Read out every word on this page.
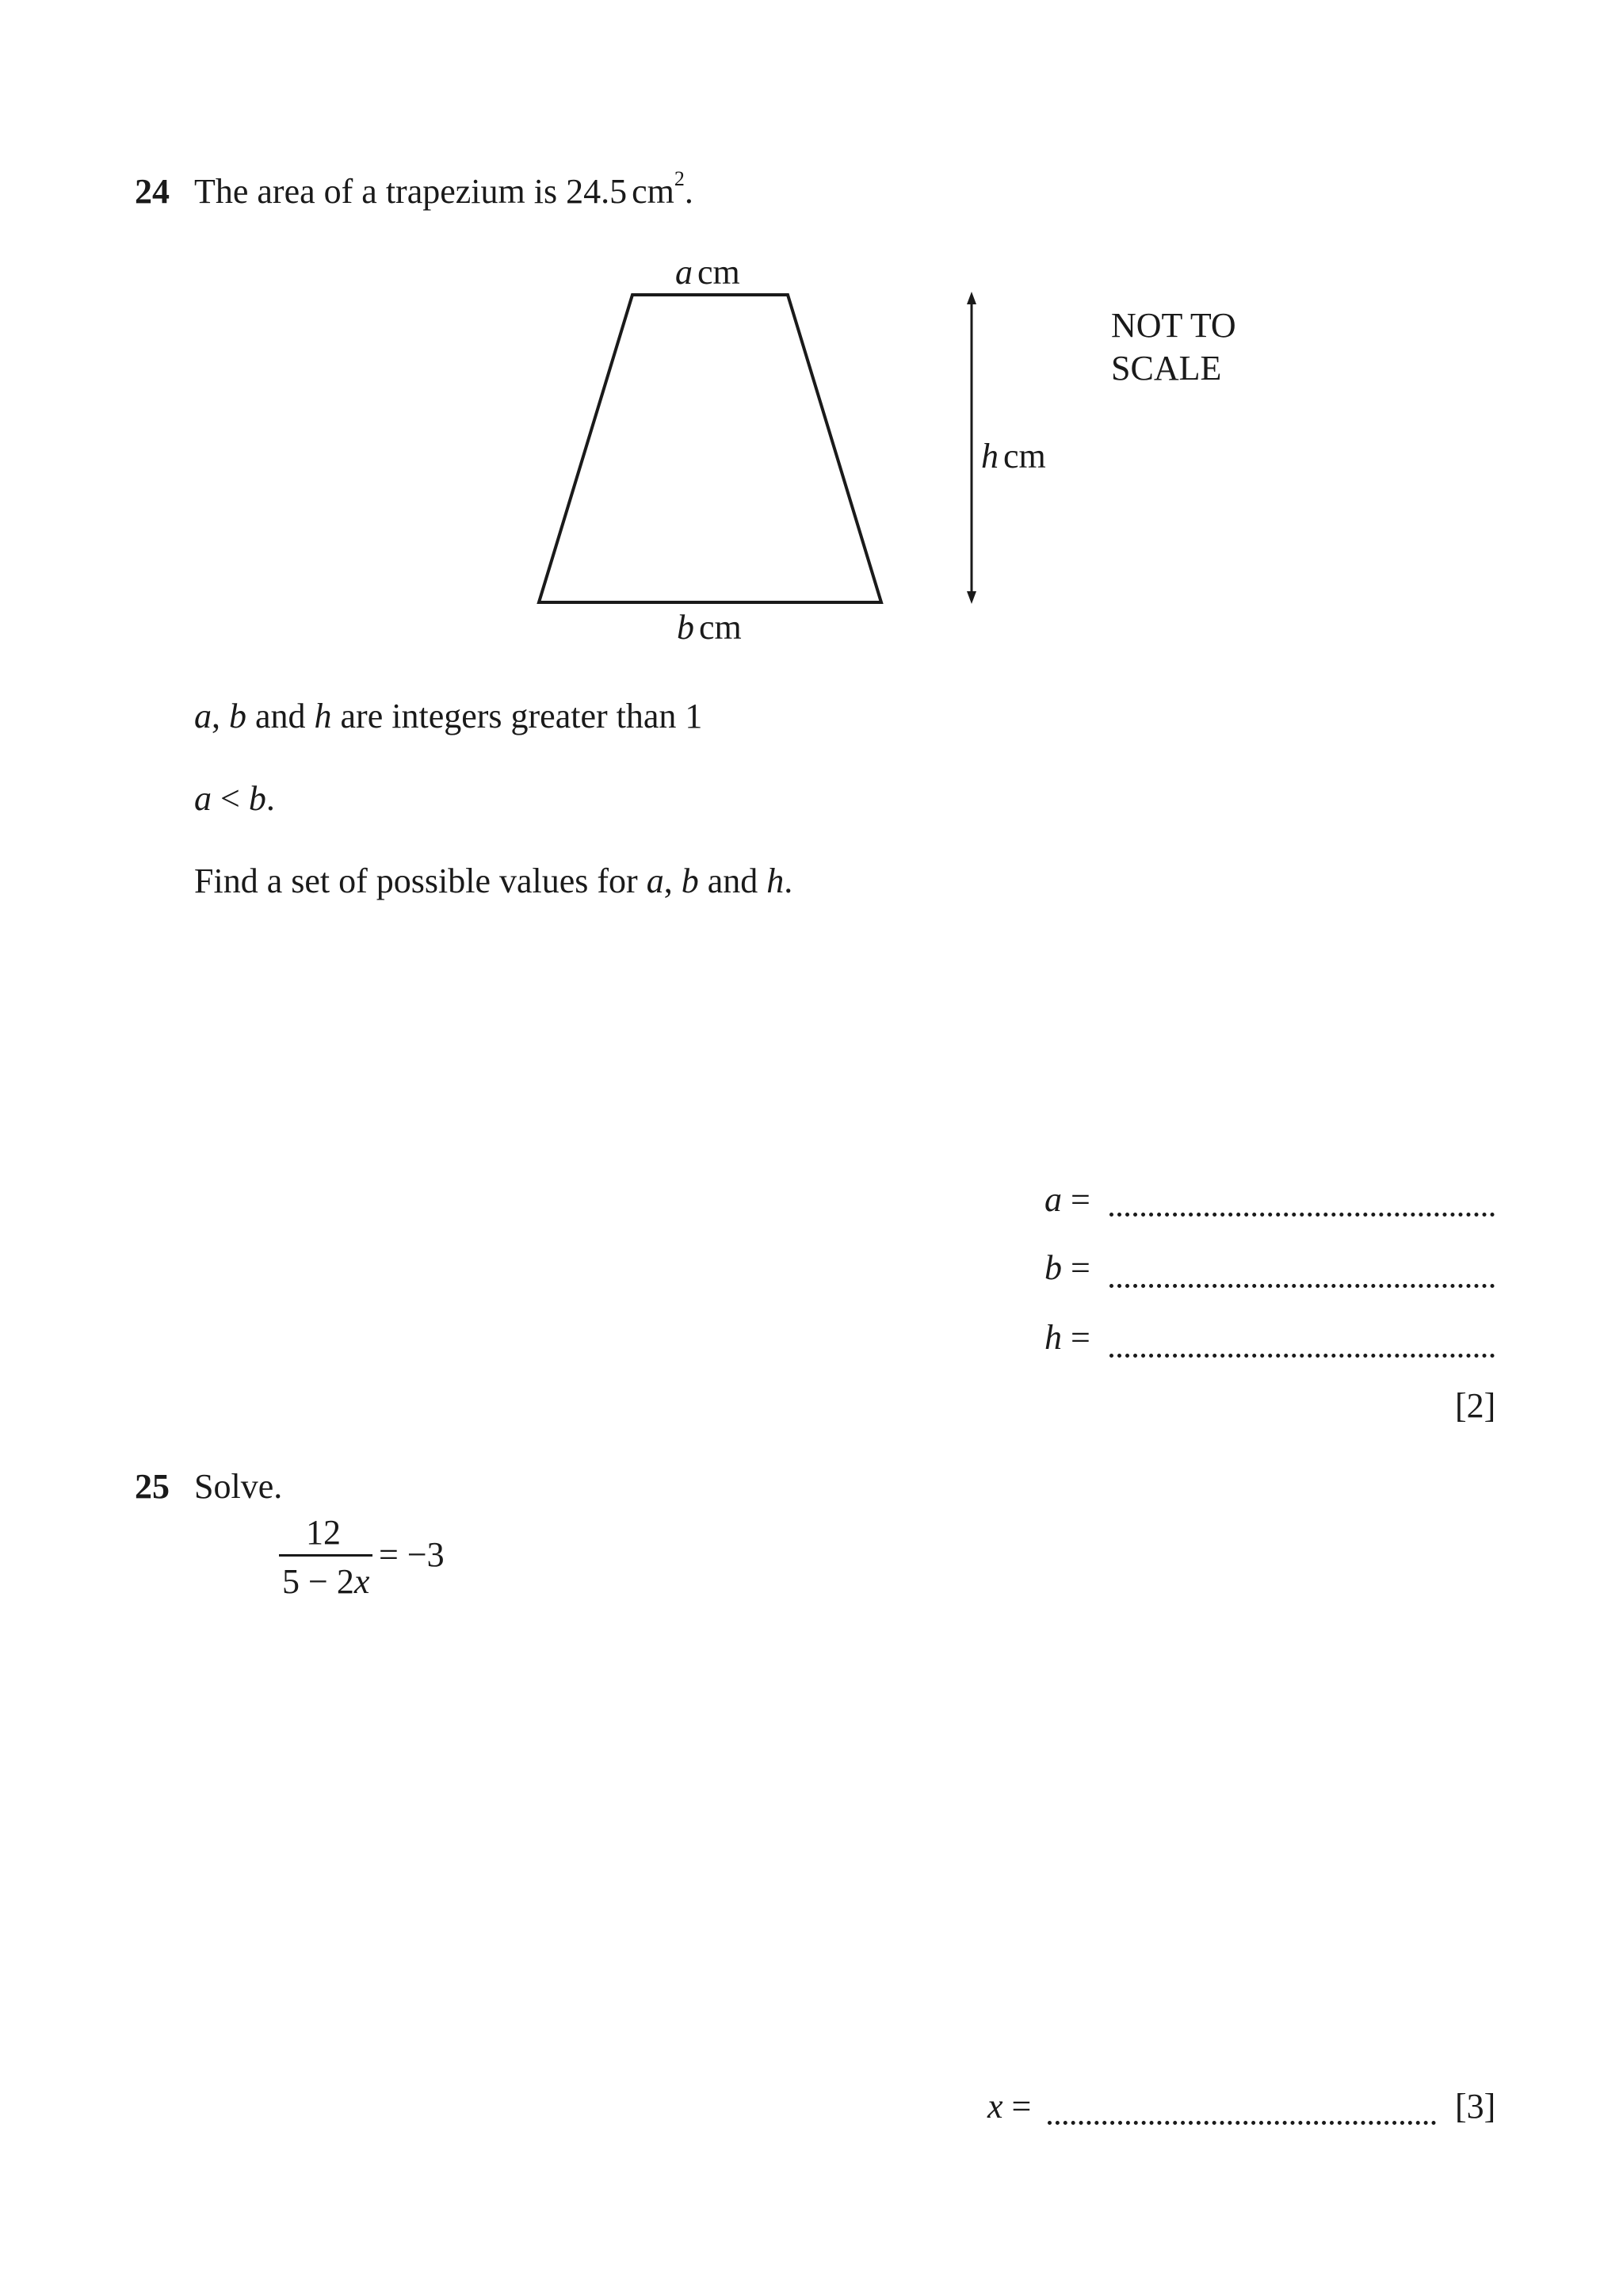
24 The area of a trapezium is 24.5 $cm^2$.
a cm
b cm
h cm
NOT TO
SCALE
a, b and h are integers greater than 1
a < b.
Find a set of possible values for a, b and h.
a =
b =
h =
[2]
25 Solve.
12
5 − 2x
= −3
x =	[3]
